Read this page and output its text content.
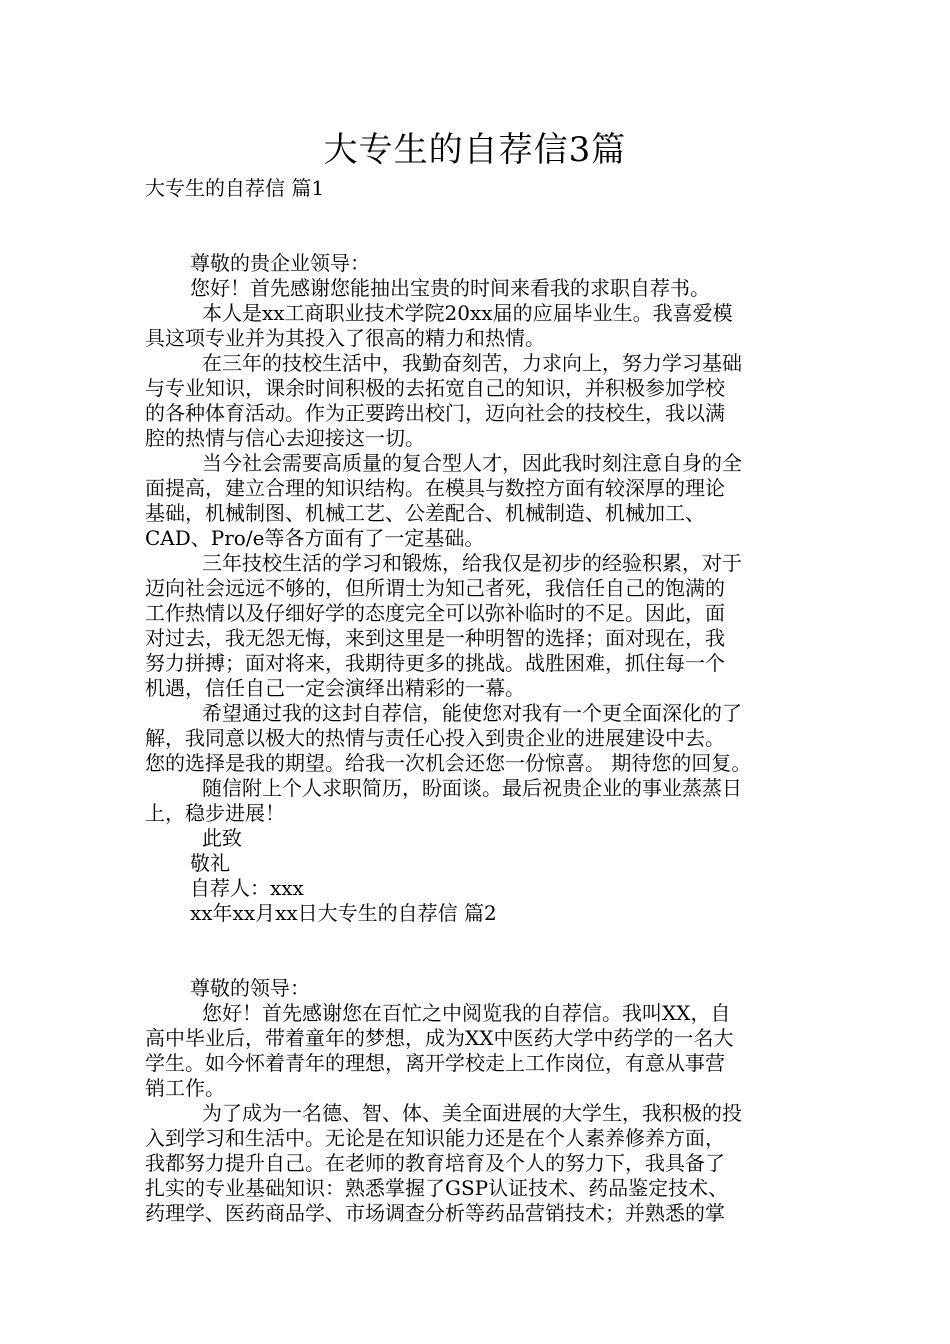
大专生的自荐信3篇
大专生的自荐信 篇1
尊敬的贵企业领导：
您好！首先感谢您能抽出宝贵的时间来看我的求职自荐书。
本人是xx工商职业技术学院20xx届的应届毕业生。我喜爱模
具这项专业并为其投入了很高的精力和热情。
在三年的技校生活中，我勤奋刻苦，力求向上，努力学习基础
与专业知识，课余时间积极的去拓宽自己的知识，并积极参加学校
的各种体育活动。作为正要跨出校门，迈向社会的技校生，我以满
腔的热情与信心去迎接这一切。
当今社会需要高质量的复合型人才，因此我时刻注意自身的全
面提高，建立合理的知识结构。在模具与数控方面有较深厚的理论
基础，机械制图、机械工艺、公差配合、机械制造、机械加工、
CAD、Pro/e等各方面有了一定基础。
三年技校生活的学习和锻炼，给我仅是初步的经验积累，对于
迈向社会远远不够的，但所谓士为知己者死，我信任自己的饱满的
工作热情以及仔细好学的态度完全可以弥补临时的不足。因此，面
对过去，我无怨无悔，来到这里是一种明智的选择；面对现在，我
努力拼搏；面对将来，我期待更多的挑战。战胜困难，抓住每一个
机遇，信任自己一定会演绎出精彩的一幕。
希望通过我的这封自荐信，能使您对我有一个更全面深化的了
解，我同意以极大的热情与责任心投入到贵企业的进展建设中去。
您的选择是我的期望。给我一次机会还您一份惊喜。 期待您的回复。
随信附上个人求职简历，盼面谈。最后祝贵企业的事业蒸蒸日
上，稳步进展！
此致
敬礼
自荐人：xxx
xx年xx月xx日大专生的自荐信 篇2
尊敬的领导：
您好！首先感谢您在百忙之中阅览我的自荐信。我叫XX，自
高中毕业后，带着童年的梦想，成为XX中医药大学中药学的一名大
学生。如今怀着青年的理想，离开学校走上工作岗位，有意从事营
销工作。
为了成为一名德、智、体、美全面进展的大学生，我积极的投
入到学习和生活中。无论是在知识能力还是在个人素养修养方面，
我都努力提升自己。在老师的教育培育及个人的努力下，我具备了
扎实的专业基础知识：熟悉掌握了GSP认证技术、药品鉴定技术、
药理学、医药商品学、市场调查分析等药品营销技术；并熟悉的掌
